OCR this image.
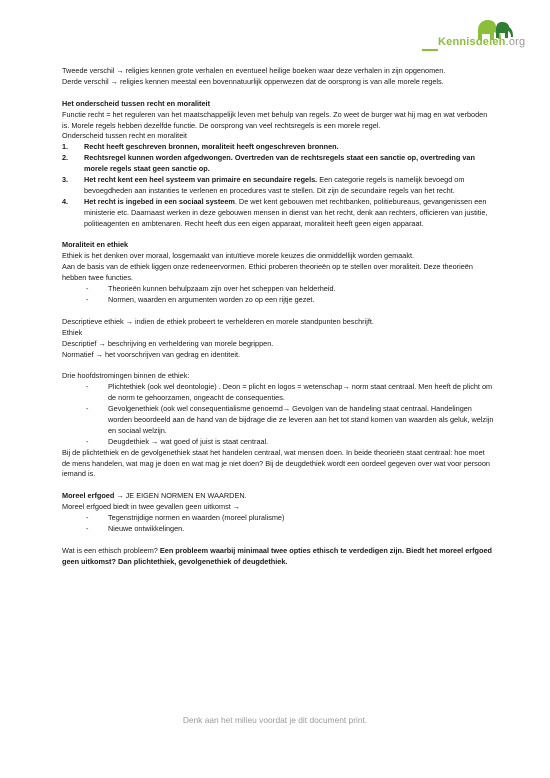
Kennisdelen.org

Tweede verschil → religies kennen grote verhalen en eventueel heilige boeken waar deze verhalen in zijn opgenomen.

Derde verschil → religies kennen meestal een bovennatuurlijk opperwezen dat de oorsprong is van alle morele regels.

Het onderscheid tussen recht en moraliteit

Functie recht = het reguleren van het maatschappelijk leven met behulp van regels. Zo weet de burger wat hij mag en wat verboden is. Morele regels hebben dezelfde functie. De oorsprong van veel rechtsregels is een morele regel.

Onderscheid tussen recht en moraliteit

1.	Recht heeft geschreven bronnen, moraliteit heeft ongeschreven bronnen.
2.	Rechtsregel kunnen worden afgedwongen. Overtreden van de rechtsregels staat een sanctie op, overtreding van morele regels staat geen sanctie op.
3.	Het recht kent een heel systeem van primaire en secundaire regels. Een categorie regels is namelijk bevoegd om bevoegdheden aan instanties te verlenen en procedures vast te stellen. Dit zijn de secundaire regels van het recht.
4.	Het recht is ingebed in een sociaal systeem. De wet kent gebouwen met rechtbanken, politiebureaus, gevangenissen een ministerie etc. Daarnaast werken in deze gebouwen mensen in dienst van het recht, denk aan rechters, officieren van justitie, politieagenten en ambtenaren. Recht heeft dus een eigen apparaat, moraliteit heeft geen eigen apparaat.

Moraliteit en ethiek

Ethiek is het denken over moraal, losgemaakt van intuïtieve morele keuzes die onmiddellijk worden gemaakt.

Aan de basis van de ethiek liggen onze redeneervormen. Ethici proberen theorieën op te stellen over moraliteit. Deze theorieën hebben twee functies.

-	Theorieën kunnen behulpzaam zijn over het scheppen van helderheid.
-	Normen, waarden en argumenten worden zo op een rijtje gezet.

Descriptieve ethiek → indien de ethiek probeert te verhelderen en morele standpunten beschrijft.

Ethiek

Descriptief → beschrijving en verheldering van morele begrippen.

Normatief → het voorschrijven van gedrag en identiteit.

Drie hoofdstromingen binnen de ethiek:

-	Plichtethiek (ook wel deontologie) . Deon = plicht en logos = wetenschap→ norm staat centraal. Men heeft de plicht om de norm te gehoorzamen, ongeacht de consequenties.
-	Gevolgenethiek (ook wel consequentialisme genoemd→ Gevolgen van de handeling staat centraal. Handelingen worden beoordeeld aan de hand van de bijdrage die ze leveren aan het tot stand komen van waarden als geluk, welzijn en sociaal welzijn.
-	Deugdethiek → wat goed of juist is staat centraal.

Bij de plichtethiek en de gevolgenethiek staat het handelen centraal, wat mensen doen. In beide theorieën staat centraal: hoe moet de mens handelen, wat mag je doen en wat mag je niet doen? Bij de deugdethiek wordt een oordeel gegeven over wat voor persoon iemand is.

Moreel erfgoed → JE EIGEN NORMEN EN WAARDEN.

Moreel erfgoed biedt in twee gevallen geen uitkomst →

-	Tegenstrijdige normen en waarden (moreel pluralisme)
-	Nieuwe ontwikkelingen.

Wat is een ethisch probleem? Een probleem waarbij minimaal twee opties ethisch te verdedigen zijn. Biedt het moreel erfgoed geen uitkomst? Dan plichtethiek, gevolgenethiek of deugdethiek.

Denk aan het milieu voordat je dit document print.
